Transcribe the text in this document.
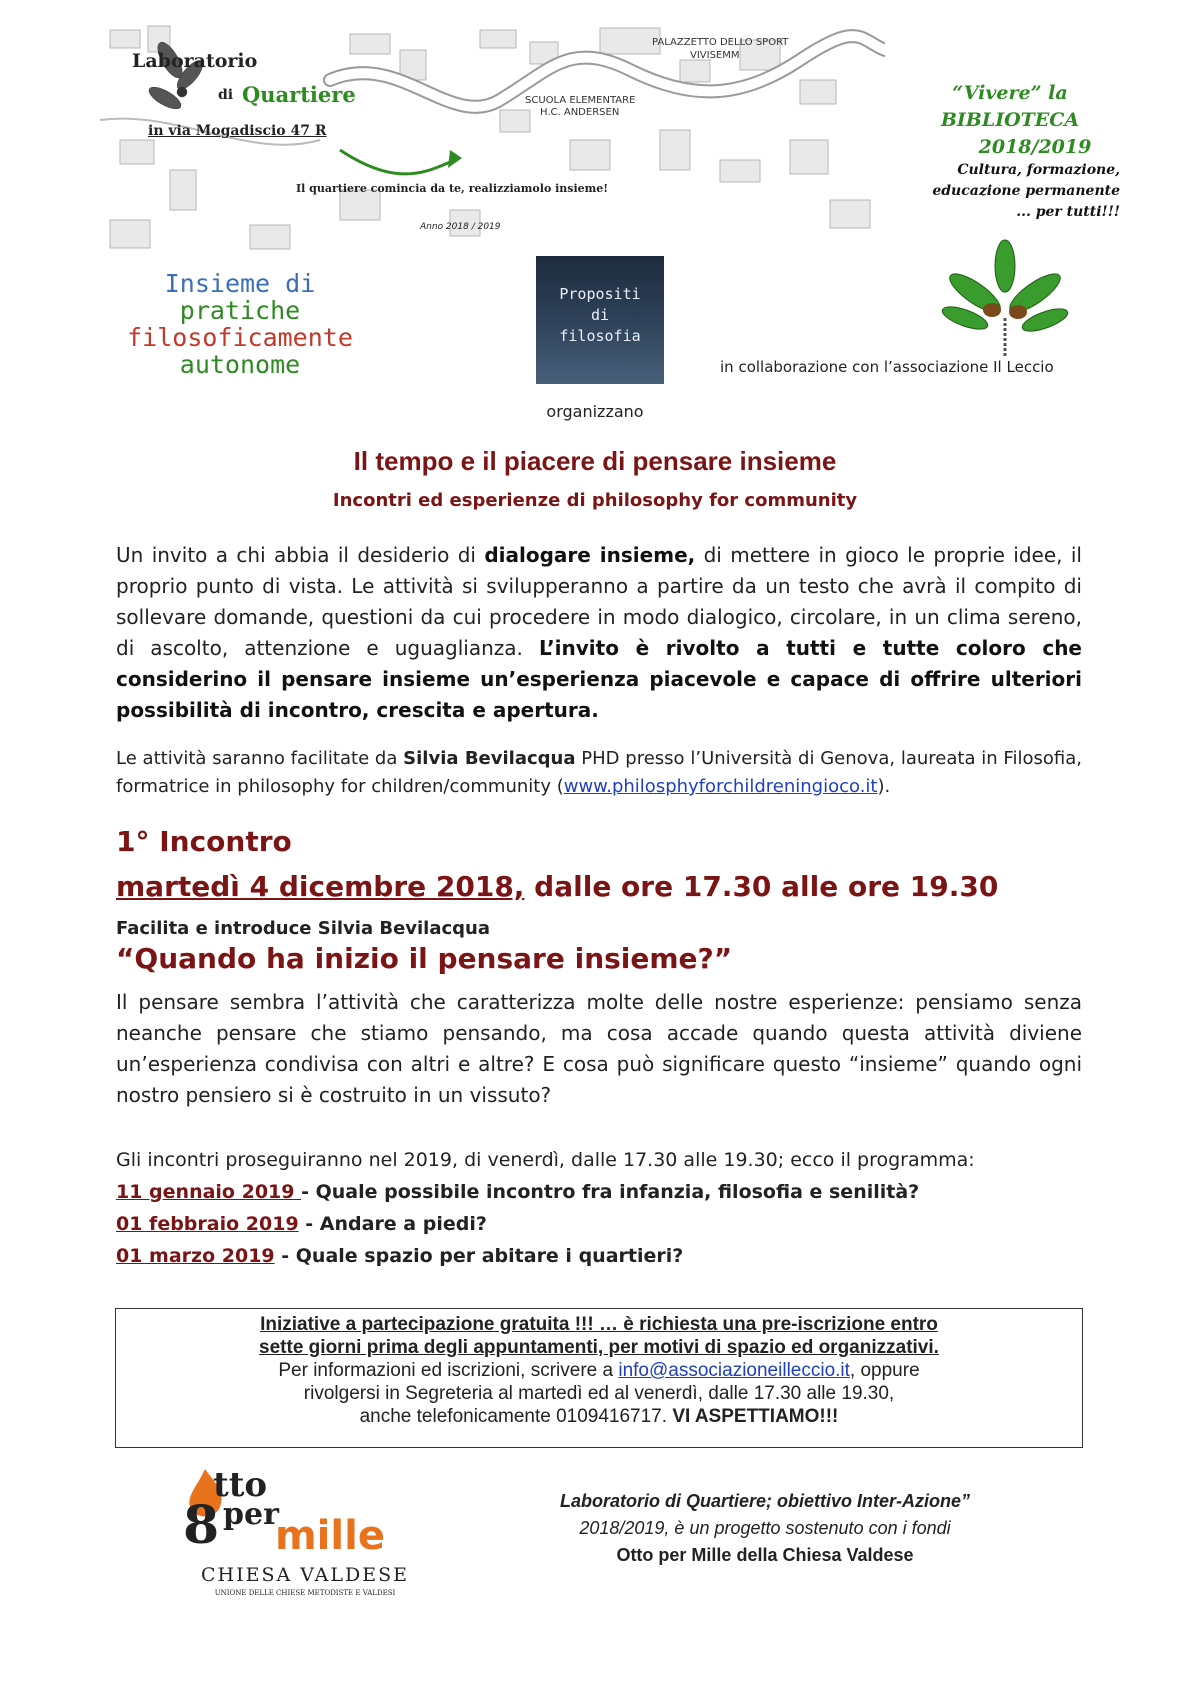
Laboratorio
di Quartiere
in via Mogadiscio 47 R
PALAZZETTO DELLO SPORT
VIVISEMM
SCUOLA ELEMENTARE
H.C. ANDERSEN
Il quartiere comincia da te, realizziamolo insieme!
Anno 2018 / 2019
“Vivere” la
BIBLIOTECA
2018/2019
Cultura, formazione,
educazione permanente
... per tutti!!!
Insieme di
pratiche
filosoficamente
autonome
Propositi
di
filosofia
in collaborazione con l’associazione Il Leccio
organizzano
Il tempo e il piacere di pensare insieme
Incontri ed esperienze di philosophy for community
Un invito a chi abbia il desiderio di dialogare insieme, di mettere in gioco le proprie idee, il proprio punto di vista. Le attività si svilupperanno a partire da un testo che avrà il compito di sollevare domande, questioni da cui procedere in modo dialogico, circolare, in un clima sereno, di ascolto, attenzione e uguaglianza. L’invito è rivolto a tutti e tutte coloro che considerino il pensare insieme un’esperienza piacevole e capace di offrire ulteriori possibilità di incontro, crescita e apertura.
Le attività saranno facilitate da Silvia Bevilacqua PHD presso l’Università di Genova, laureata in Filosofia, formatrice in philosophy for children/community (www.philosphyforchildreningioco.it).
1° Incontro
martedì 4 dicembre 2018, dalle ore 17.30 alle ore 19.30
Facilita e introduce Silvia Bevilacqua
“Quando ha inizio il pensare insieme?”
Il pensare sembra l’attività che caratterizza molte delle nostre esperienze: pensiamo senza neanche pensare che stiamo pensando, ma cosa accade quando questa attività diviene un’esperienza condivisa con altri e altre? E cosa può significare questo “insieme” quando ogni nostro pensiero si è costruito in un vissuto?
Gli incontri proseguiranno nel 2019, di venerdì, dalle 17.30 alle 19.30; ecco il programma:
11 gennaio 2019 - Quale possibile incontro fra infanzia, filosofia e senilità?
01 febbraio 2019 - Andare a piedi?
01 marzo 2019 - Quale spazio per abitare i quartieri?
Iniziative a partecipazione gratuita !!! … è richiesta una pre-iscrizione entro
sette giorni prima degli appuntamenti, per motivi di spazio ed organizzativi.
Per informazioni ed iscrizioni, scrivere a info@associazioneilleccio.it, oppure
rivolgersi in Segreteria al martedì ed al venerdì, dalle 17.30 alle 19.30,
anche telefonicamente 0109416717. VI ASPETTIAMO!!!
8
tto
per
mille
CHIESA VALDESE
UNIONE DELLE CHIESE METODISTE E VALDESI
Laboratorio di Quartiere; obiettivo Inter-Azione”
2018/2019, è un progetto sostenuto con i fondi
Otto per Mille della Chiesa Valdese
